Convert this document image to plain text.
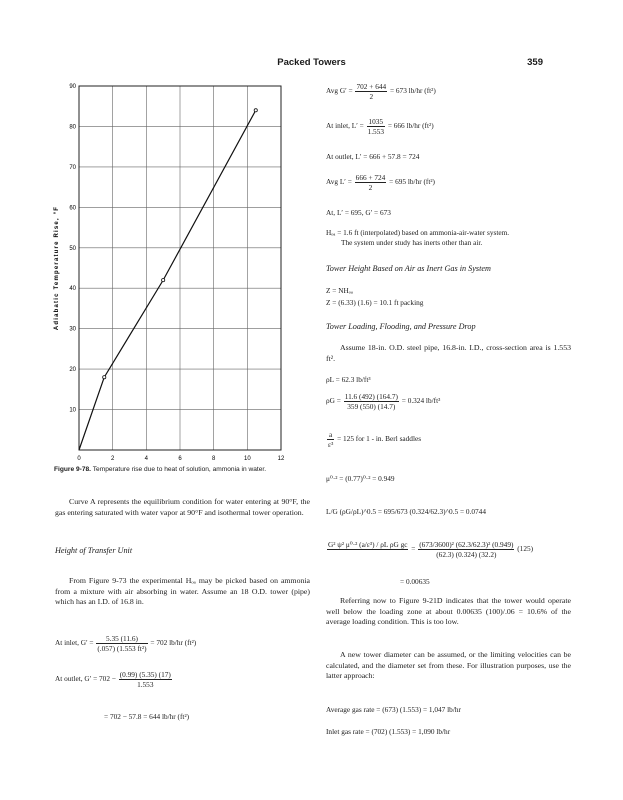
Packed Towers	359
0	2	4	6	8	10	12
10
20
30
40
50
60
70
80
90
Adiabatic Temperature Rise, °F
Figure 9-78. Temperature rise due to heat of solution, ammonia in water.
Curve A represents the equilibrium condition for water entering at 90°F, the gas entering saturated with water vapor at 90°F and isothermal tower operation.
Height of Transfer Unit
From Figure 9-73 the experimental Hₒₐ may be picked based on ammonia from a mixture with air absorbing in water. Assume an 18 O.D. tower (pipe) which has an I.D. of 16.8 in.
At inlet, $G' = \frac{5.35 (11.6)}{\text{(.057) (1.553 ft²)}} = 702$ lb/hr (ft²)
At outlet, $G' = 702 - \frac{(0.99) (5.35) (17)}{1.553}$
= 702 − 57.8 = 644 lb/hr (ft²)
Avg $G' = \frac{702 + 644}{2} = 673$ lb/hr (ft²)
At inlet, $L' = \frac{1035}{1.553} = 666$ lb/hr (ft²)
At outlet, L′ = 666 + 57.8 = 724
Avg $L' = \frac{666 + 724}{2} = 695$ lb/hr (ft²)
At, L′ = 695, G′ = 673
Hₒₐ = 1.6 ft (interpolated) based on ammonia-air-water system.
The system under study has inerts other than air.
Tower Height Based on Air as Inert Gas in System
Z = NHₒₐ
Z = (6.33) (1.6) = 10.1 ft packing
Tower Loading, Flooding, and Pressure Drop
Assume 18-in. O.D. steel pipe, 16.8-in. I.D., cross-section area is 1.553 ft².
ρL = 62.3 lb/ft³
$\rho G = \frac{11.6 (492) (164.7)}{359 (550) (14.7)} = 0.324$ lb/ft³
$\frac{a}{\text{ε³}} = 125$ for 1 - in. Berl saddles
μ⁰·² = (0.77)⁰·² = 0.949
L/G (ρG/ρL)^0.5 = 695/673 (0.324/62.3)^0.5 = 0.0744
G² ψ² μ⁰·² (a/ε³) / ρL ρG gc
= $\frac{\text{(673/3600)² (62.3/62.3)² (0.949)}}{(62.3) (0.324) (32.2)} (125)$
= 0.00635
Referring now to Figure 9-21D indicates that the tower would operate well below the loading zone at about 0.00635 (100)/.06 = 10.6% of the average loading condition. This is too low.
A new tower diameter can be assumed, or the limiting velocities can be calculated, and the diameter set from these. For illustration purposes, use the latter approach:
Average gas rate = (673) (1.553) = 1,047 lb/hr
Inlet gas rate = (702) (1.553) = 1,090 lb/hr
